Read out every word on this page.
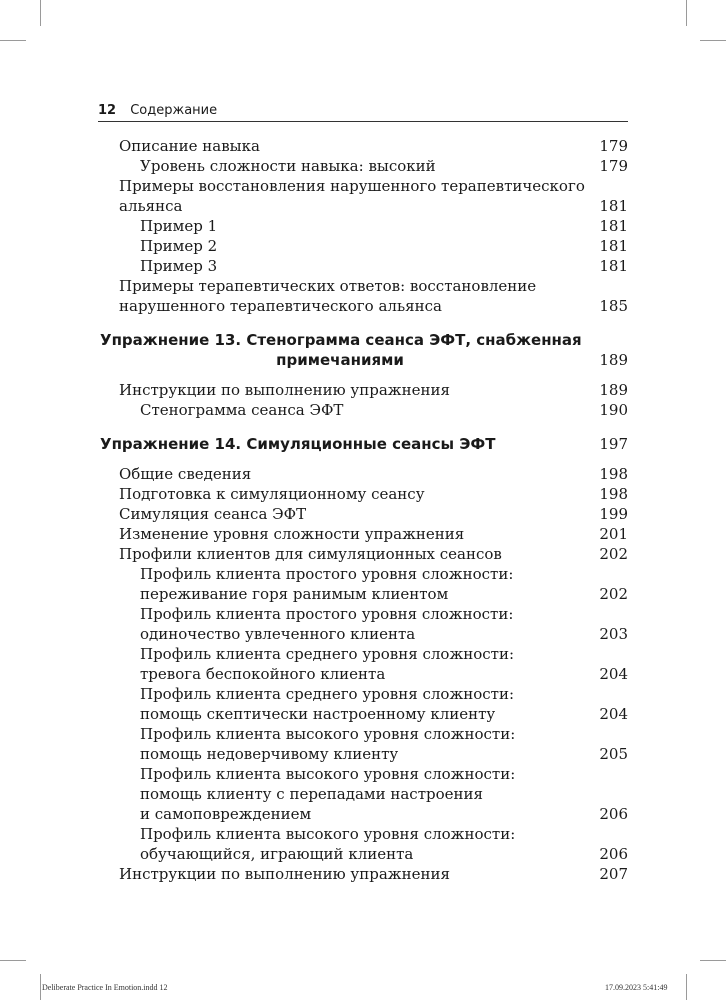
12 Содержание
Описание навыка	179
Уровень сложности навыка: высокий	179
Примеры восстановления нарушенного терапевтического
альянса	181
Пример 1	181
Пример 2	181
Пример 3	181
Примеры терапевтических ответов: восстановление
нарушенного терапевтического альянса	185
Упражнение 13. Стенограмма сеанса ЭФТ, снабженная
примечаниями	189
Инструкции по выполнению упражнения	189
Стенограмма сеанса ЭФТ	190
Упражнение 14. Симуляционные сеансы ЭФТ	197
Общие сведения	198
Подготовка к симуляционному сеансу	198
Симуляция сеанса ЭФТ	199
Изменение уровня сложности упражнения	201
Профили клиентов для симуляционных сеансов	202
Профиль клиента простого уровня сложности:
переживание горя ранимым клиентом	202
Профиль клиента простого уровня сложности:
одиночество увлеченного клиента	203
Профиль клиента среднего уровня сложности:
тревога беспокойного клиента	204
Профиль клиента среднего уровня сложности:
помощь скептически настроенному клиенту	204
Профиль клиента высокого уровня сложности:
помощь недоверчивому клиенту	205
Профиль клиента высокого уровня сложности:
помощь клиенту с перепадами настроения
и самоповреждением	206
Профиль клиента высокого уровня сложности:
обучающийся, играющий клиента	206
Инструкции по выполнению упражнения	207
Deliberate Practice In Emotion.indd 12	17.09.2023 5:41:49
